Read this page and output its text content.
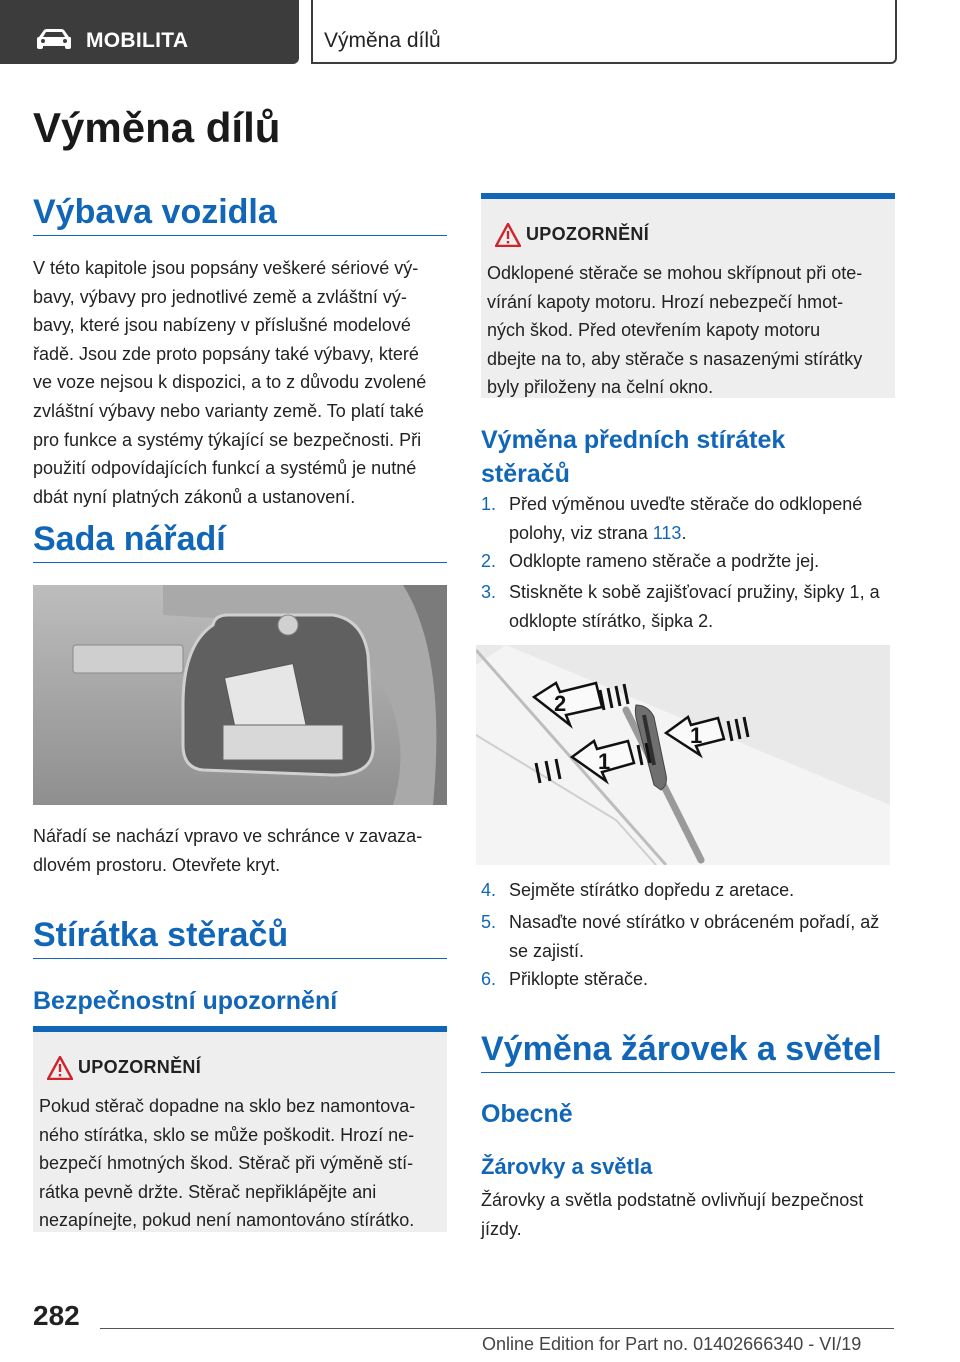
MOBILITA	Výměna dílů
Výměna dílů
Výbava vozidla
V této kapitole jsou popsány veškeré sériové vý-
bavy, výbavy pro jednotlivé země a zvláštní vý-
bavy, které jsou nabízeny v příslušné modelové
řadě. Jsou zde proto popsány také výbavy, které
ve voze nejsou k dispozici, a to z důvodu zvolené
zvláštní výbavy nebo varianty země. To platí také
pro funkce a systémy týkající se bezpečnosti. Při
použití odpovídajících funkcí a systémů je nutné
dbát nyní platných zákonů a ustanovení.
Sada nářadí
Nářadí se nachází vpravo ve schránce v zavaza-
dlovém prostoru. Otevřete kryt.
Stírátka stěračů
Bezpečnostní upozornění
UPOZORNĚNÍ
Pokud stěrač dopadne na sklo bez namontova-
ného stírátka, sklo se může poškodit. Hrozí ne-
bezpečí hmotných škod. Stěrač při výměně stí-
rátka pevně držte. Stěrač nepřiklápějte ani
nezapínejte, pokud není namontováno stírátko.
UPOZORNĚNÍ
Odklopené stěrače se mohou skřípnout při ote-
vírání kapoty motoru. Hrozí nebezpečí hmot-
ných škod. Před otevřením kapoty motoru
dbejte na to, aby stěrače s nasazenými stírátky
byly přiloženy na čelní okno.
Výměna předních stírátek
stěračů
1. Před výměnou uveďte stěrače do odklopené
polohy, viz strana 113.
2. Odklopte rameno stěrače a podržte jej.
3. Stiskněte k sobě zajišťovací pružiny, šipky 1, a
odklopte stírátko, šipka 2.
2
1
1
4. Sejměte stírátko dopředu z aretace.
5. Nasaďte nové stírátko v obráceném pořadí, až
se zajistí.
6. Přiklopte stěrače.
Výměna žárovek a světel
Obecně
Žárovky a světla
Žárovky a světla podstatně ovlivňují bezpečnost
jízdy.
282
Online Edition for Part no. 01402666340 - VI/19
